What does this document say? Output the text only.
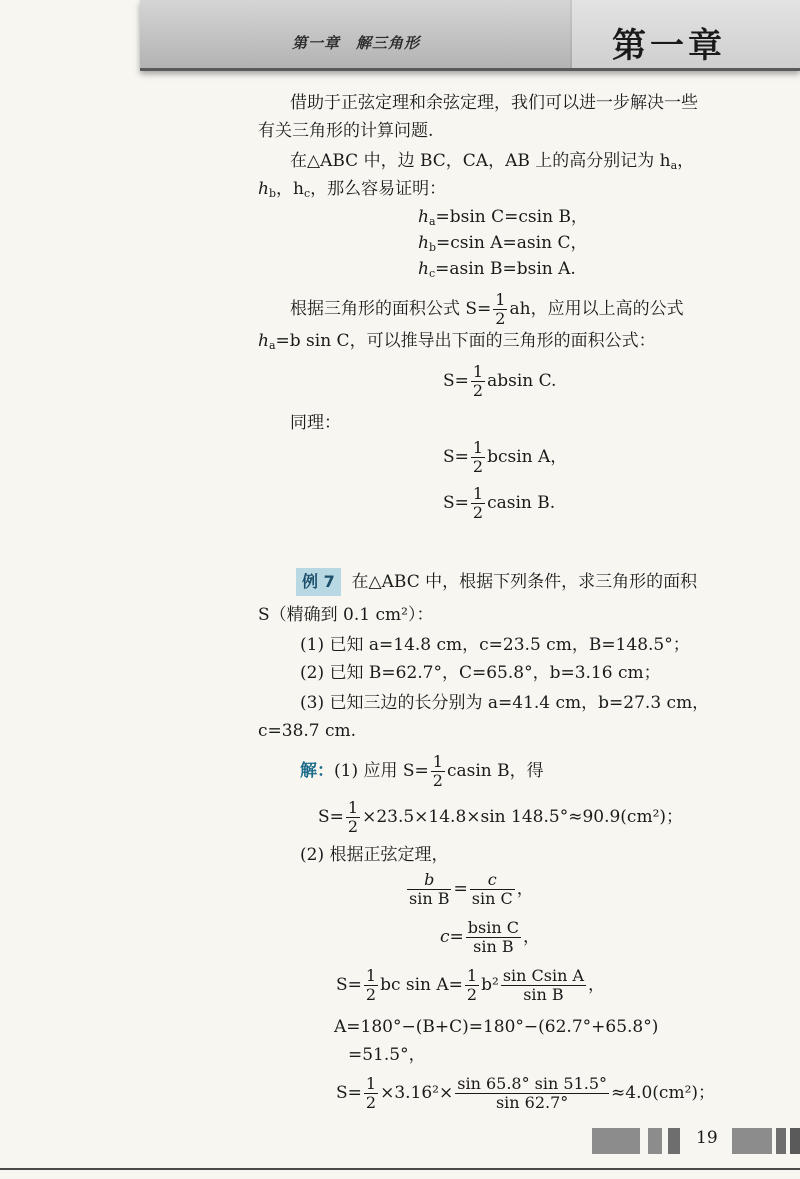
第一章　解三角形	第一章
借助于正弦定理和余弦定理，我们可以进一步解决一些
有关三角形的计算问题.
在△ABC 中，边 BC，CA，AB 上的高分别记为 $h_a$，
$h_b$，$h_c$，那么容易证明：
$h_a=bsin$ C=csin B，
$h_b=csin$ A=asin C，
$h_c=asin$ B=bsin A.
根据三角形的面积公式 $S= \frac{1}{2}$ ah，应用以上高的公式
$h_a=b$ sin C，可以推导出下面的三角形的面积公式：
$S= \frac{1}{2}$ absin C.
同理：
$S= \frac{1}{2}$ bcsin A，
$S= \frac{1}{2}$ casin B.
例 7 在△ABC 中，根据下列条件，求三角形的面积
S（精确到 0.1 cm²）：
(1) 已知 a=14.8 cm，c=23.5 cm，B=148.5°；
(2) 已知 B=62.7°，C=65.8°，b=3.16 cm；
(3) 已知三边的长分别为 a=41.4 cm，b=27.3 cm，
c=38.7 cm.
解：(1) 应用 $S= \frac{1}{2}$ casin B，得
$S= \frac{1}{2} \times 23.5\times 14.8\times\sin$ 148.5°≈90.9(cm²)；
(2) 根据正弦定理，
$\frac{b}{\text{sin B}} = \frac{c}{\text{sin C}}$ ，
$c= \frac{\text{bsin C}}{\text{sin B}}$ ，
$S= \frac{1}{2}$ bc $\sin A= \frac{1}{2} b^2 \frac{\text{sin Csin A}}{\text{sin B}}$ ，
A=180°−(B+C)=180°−(62.7°+65.8°)
=51.5°，
$S= \frac{1}{2} \times 3.16^2\times \frac{\sin 65.8^\circ \sin 51.5^\circ}{\sin 62.7^\circ} \approx 4.0(cm^2)$；
19
